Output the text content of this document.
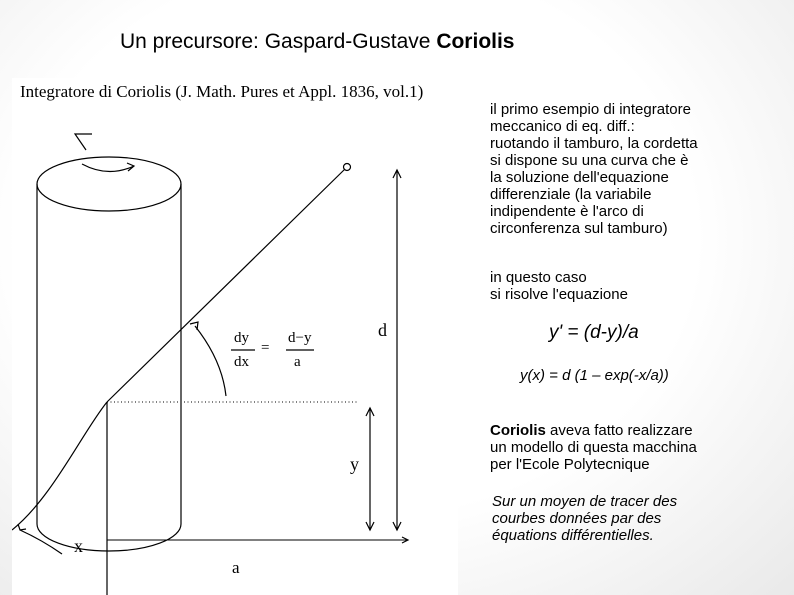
Un precursore: Gaspard-Gustave Coriolis
Integratore di Coriolis (J. Math. Pures et Appl. 1836, vol.1)
dy
dx
=
d−y
a
d
y
x
a
il primo esempio di integratore
meccanico di eq. diff.:
ruotando il tamburo, la cordetta
si dispone su una curva che è
la soluzione dell'equazione
differenziale (la variabile
indipendente è l'arco di
circonferenza sul tamburo)
in questo caso
si risolve l'equazione
y' = (d-y)/a
y(x) = d (1 – exp(-x/a))
Coriolis aveva fatto realizzare
un modello di questa macchina
per l'Ecole Polytecnique
Sur un moyen de tracer des
courbes données par des
équations différentielles.
